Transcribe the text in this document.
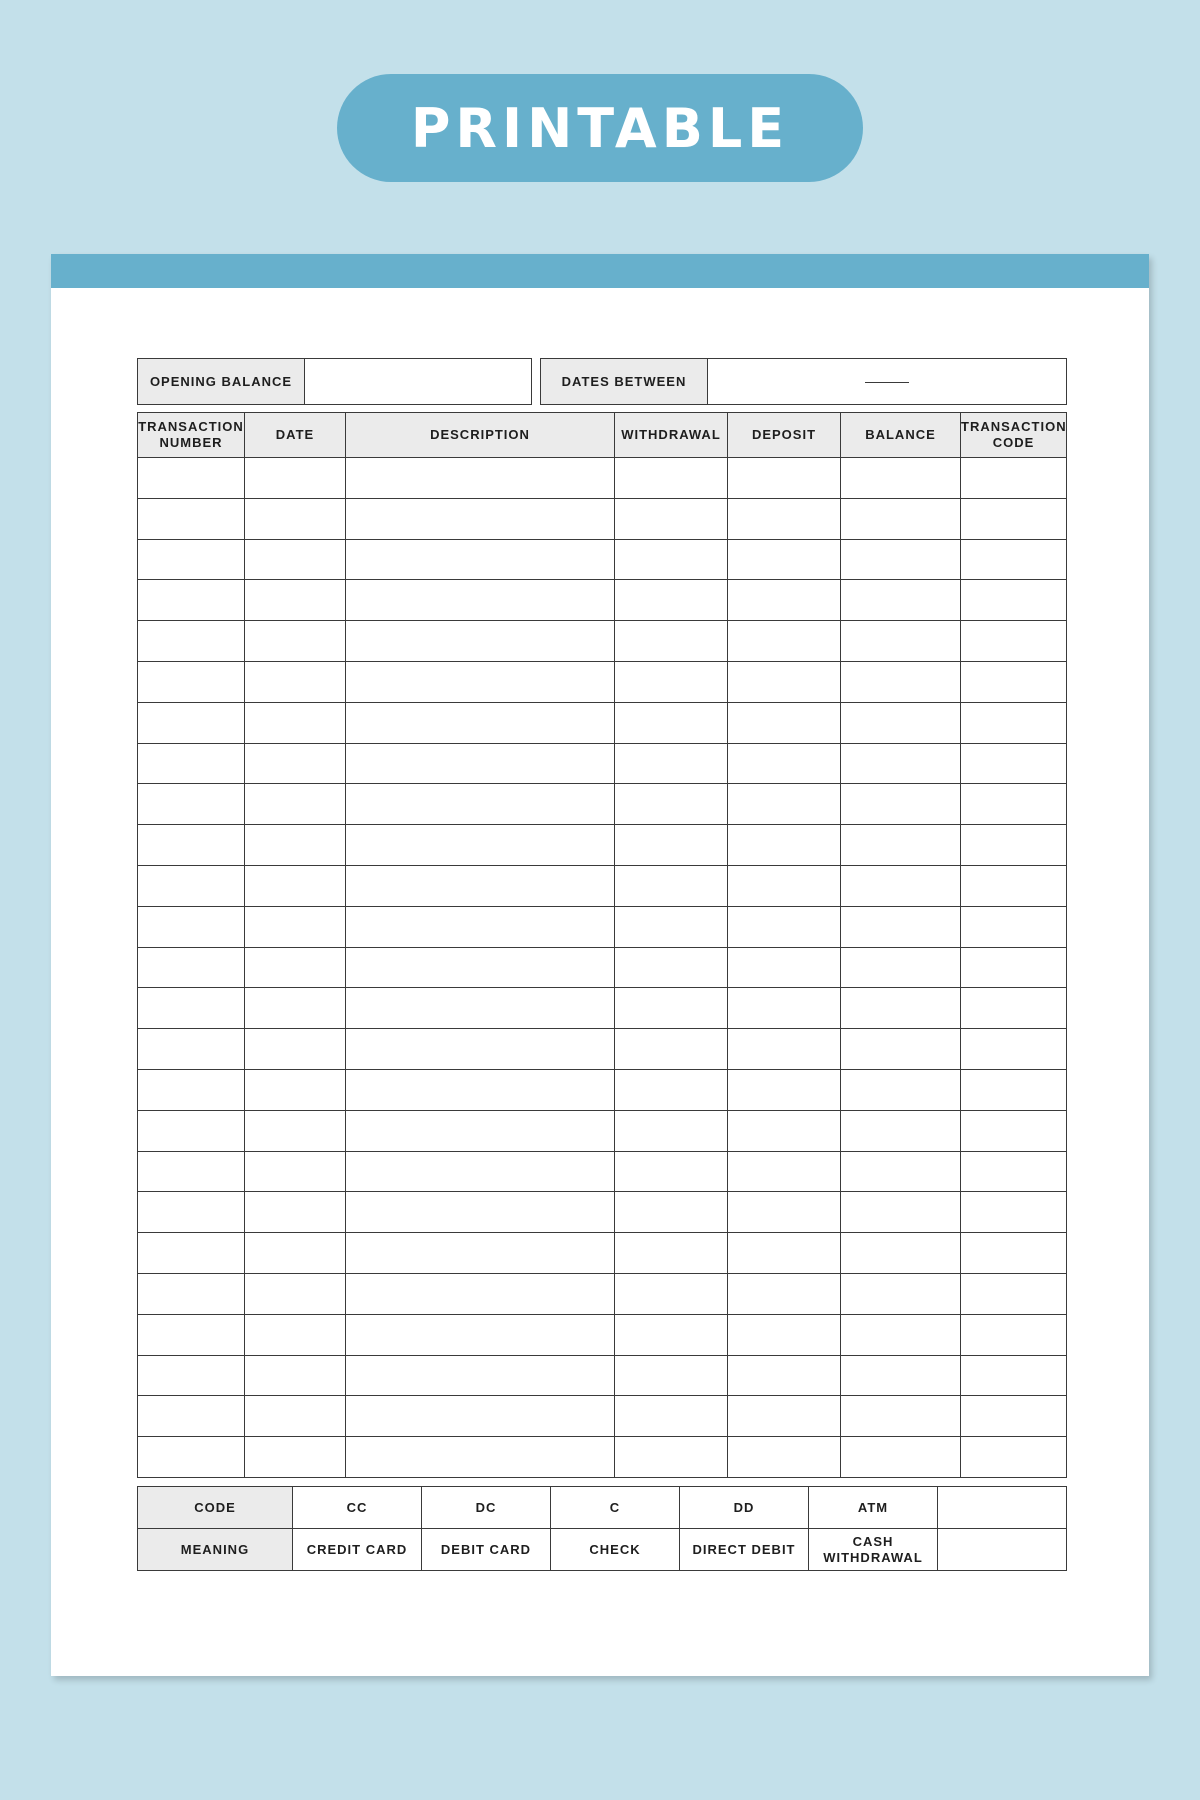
PRINTABLE
OPENING BALANCE			DATES BETWEEN	
TRANSACTION NUMBER	DATE	DESCRIPTION	WITHDRAWAL	DEPOSIT	BALANCE	TRANSACTION CODE

CODE	CC	DC	C	DD	ATM	
MEANING	CREDIT CARD	DEBIT CARD	CHECK	DIRECT DEBIT	CASH WITHDRAWAL	
